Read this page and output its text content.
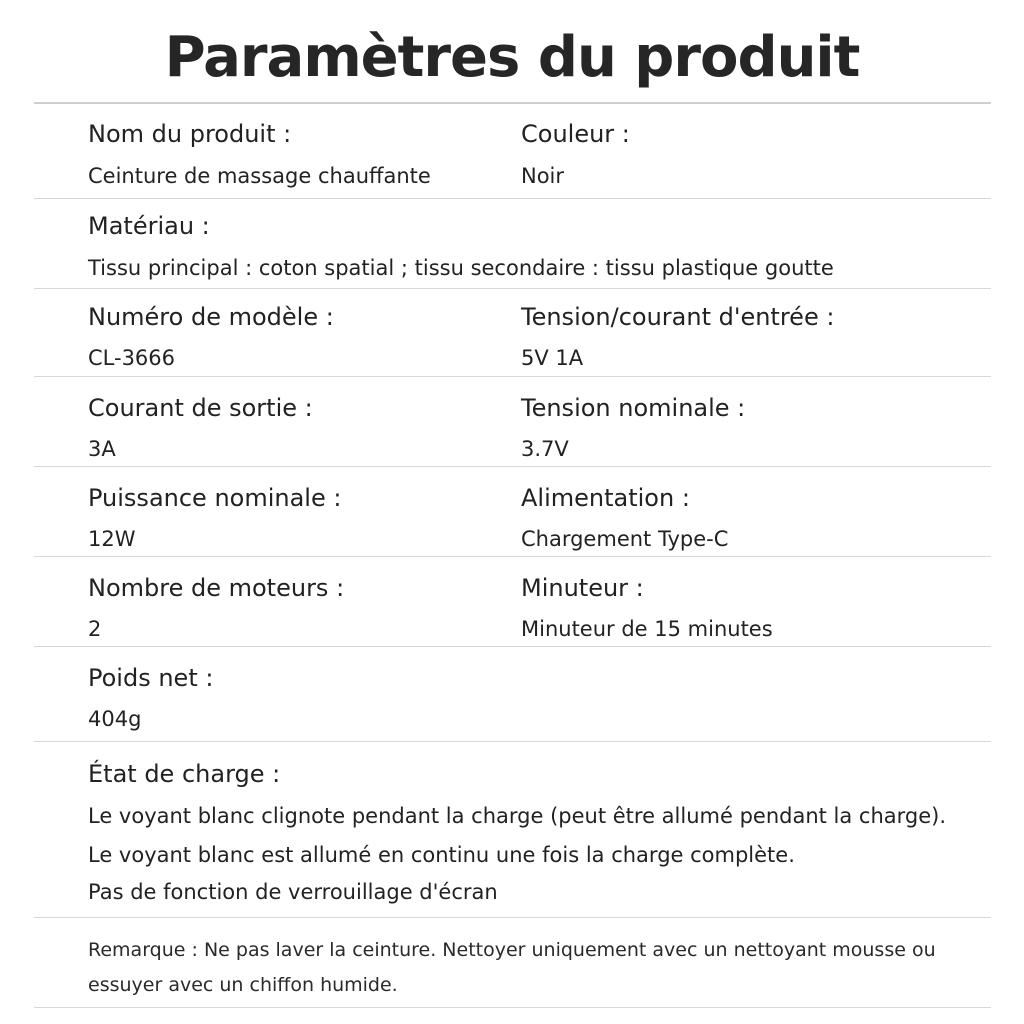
Paramètres du produit
Nom du produit :
Ceinture de massage chauffante
Couleur :
Noir
Matériau :
Tissu principal : coton spatial ; tissu secondaire : tissu plastique goutte
Numéro de modèle :
CL-3666
Tension/courant d'entrée :
5V 1A
Courant de sortie :
3A
Tension nominale :
3.7V
Puissance nominale :
12W
Alimentation :
Chargement Type-C
Nombre de moteurs :
2
Minuteur :
Minuteur de 15 minutes
Poids net :
404g
État de charge :
Le voyant blanc clignote pendant la charge (peut être allumé pendant la charge).
Le voyant blanc est allumé en continu une fois la charge complète.
Pas de fonction de verrouillage d'écran
Remarque : Ne pas laver la ceinture. Nettoyer uniquement avec un nettoyant mousse ou
essuyer avec un chiffon humide.
